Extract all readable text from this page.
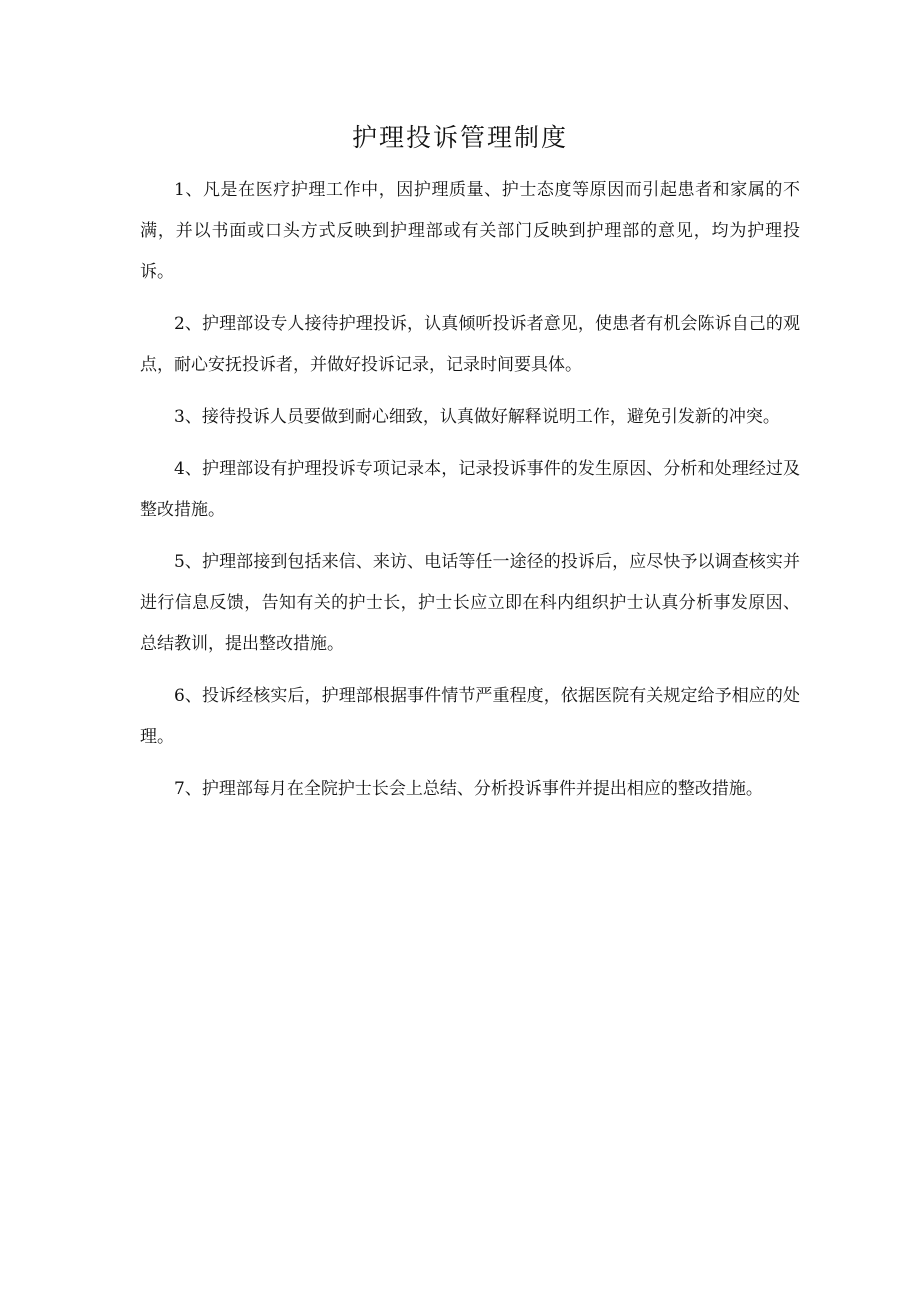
护理投诉管理制度

1、凡是在医疗护理工作中，因护理质量、护士态度等原因而引起患者和家属的不满，并以书面或口头方式反映到护理部或有关部门反映到护理部的意见，均为护理投诉。

2、护理部设专人接待护理投诉，认真倾听投诉者意见，使患者有机会陈诉自己的观点，耐心安抚投诉者，并做好投诉记录，记录时间要具体。

3、接待投诉人员要做到耐心细致，认真做好解释说明工作，避免引发新的冲突。

4、护理部设有护理投诉专项记录本，记录投诉事件的发生原因、分析和处理经过及整改措施。

5、护理部接到包括来信、来访、电话等任一途径的投诉后，应尽快予以调查核实并进行信息反馈，告知有关的护士长，护士长应立即在科内组织护士认真分析事发原因、总结教训，提出整改措施。

6、投诉经核实后，护理部根据事件情节严重程度，依据医院有关规定给予相应的处理。

7、护理部每月在全院护士长会上总结、分析投诉事件并提出相应的整改措施。
